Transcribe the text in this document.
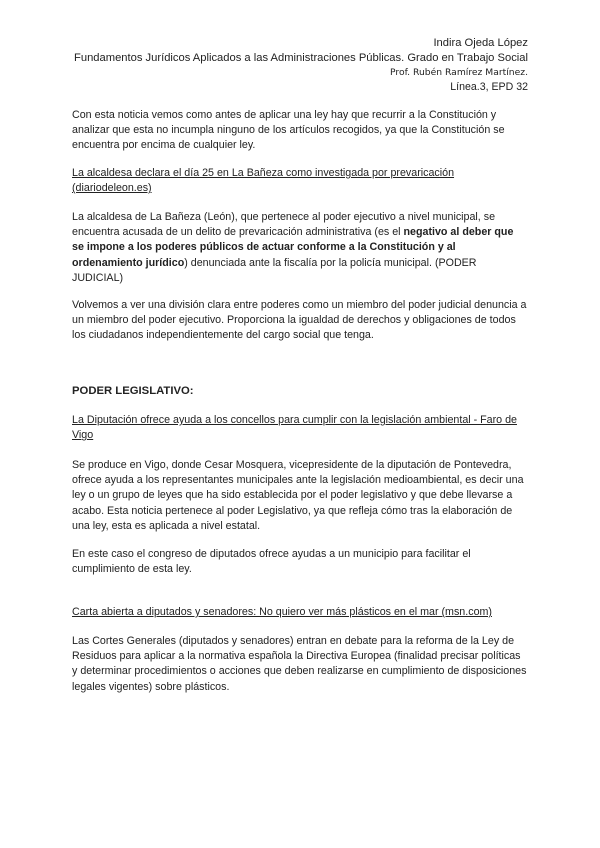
Indira Ojeda López
Fundamentos Jurídicos Aplicados a las Administraciones Públicas. Grado en Trabajo Social
Prof. Rubén Ramírez Martínez.
Línea.3, EPD 32

Con esta noticia vemos como antes de aplicar una ley hay que recurrir a la Constitución y analizar que esta no incumpla ninguno de los artículos recogidos, ya que la Constitución se encuentra por encima de cualquier ley.

La alcaldesa declara el día 25 en La Bañeza como investigada por prevaricación (diariodeleon.es)

La alcaldesa de La Bañeza (León), que pertenece al poder ejecutivo a nivel municipal, se encuentra acusada de un delito de prevaricación administrativa (es el negativo al deber que se impone a los poderes públicos de actuar conforme a la Constitución y al ordenamiento jurídico) denunciada ante la fiscalía por la policía municipal. (PODER JUDICIAL)

Volvemos a ver una división clara entre poderes como un miembro del poder judicial denuncia a un miembro del poder ejecutivo. Proporciona la igualdad de derechos y obligaciones de todos los ciudadanos independientemente del cargo social que tenga.

PODER LEGISLATIVO:

La Diputación ofrece ayuda a los concellos para cumplir con la legislación ambiental - Faro de Vigo

Se produce en Vigo, donde Cesar Mosquera, vicepresidente de la diputación de Pontevedra, ofrece ayuda a los representantes municipales ante la legislación medioambiental, es decir una ley o un grupo de leyes que ha sido establecida por el poder legislativo y que debe llevarse a acabo. Esta noticia pertenece al poder Legislativo, ya que refleja cómo tras la elaboración de una ley, esta es aplicada a nivel estatal.

En este caso el congreso de diputados ofrece ayudas a un municipio para facilitar el cumplimiento de esta ley.

Carta abierta a diputados y senadores: No quiero ver más plásticos en el mar (msn.com)

Las Cortes Generales (diputados y senadores) entran en debate para la reforma de la Ley de Residuos para aplicar a la normativa española la Directiva Europea (finalidad precisar políticas y determinar procedimientos o acciones que deben realizarse en cumplimiento de disposiciones legales vigentes) sobre plásticos.
